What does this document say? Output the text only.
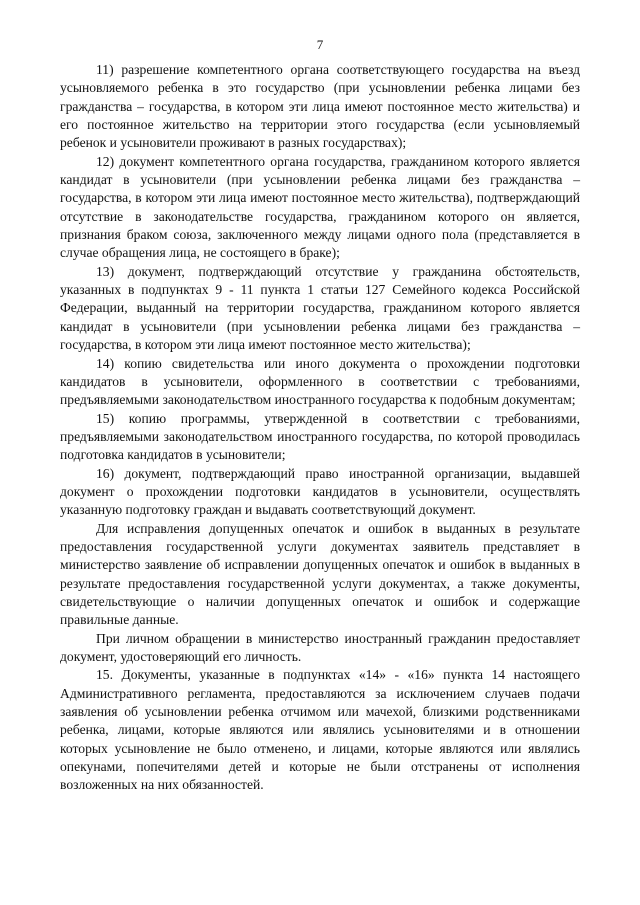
7

11) разрешение компетентного органа соответствующего государства на въезд усыновляемого ребенка в это государство (при усыновлении ребенка лицами без гражданства – государства, в котором эти лица имеют постоянное место жительства) и его постоянное жительство на территории этого государства (если усыновляемый ребенок и усыновители проживают в разных государствах);

12) документ компетентного органа государства, гражданином которого является кандидат в усыновители (при усыновлении ребенка лицами без гражданства – государства, в котором эти лица имеют постоянное место жительства), подтверждающий отсутствие в законодательстве государства, гражданином которого он является, признания браком союза, заключенного между лицами одного пола (представляется в случае обращения лица, не состоящего в браке);

13) документ, подтверждающий отсутствие у гражданина обстоятельств, указанных в подпунктах 9 - 11 пункта 1 статьи 127 Семейного кодекса Российской Федерации, выданный на территории государства, гражданином которого является кандидат в усыновители (при усыновлении ребенка лицами без гражданства – государства, в котором эти лица имеют постоянное место жительства);

14) копию свидетельства или иного документа о прохождении подготовки кандидатов в усыновители, оформленного в соответствии с требованиями, предъявляемыми законодательством иностранного государства к подобным документам;

15) копию программы, утвержденной в соответствии с требованиями, предъявляемыми законодательством иностранного государства, по которой проводилась подготовка кандидатов в усыновители;

16) документ, подтверждающий право иностранной организации, выдавшей документ о прохождении подготовки кандидатов в усыновители, осуществлять указанную подготовку граждан и выдавать соответствующий документ.

Для исправления допущенных опечаток и ошибок в выданных в результате предоставления государственной услуги документах заявитель представляет в министерство заявление об исправлении допущенных опечаток и ошибок в выданных в результате предоставления государственной услуги документах, а также документы, свидетельствующие о наличии допущенных опечаток и ошибок и содержащие правильные данные.

При личном обращении в министерство иностранный гражданин предоставляет документ, удостоверяющий его личность.

15. Документы, указанные в подпунктах «14» - «16» пункта 14 настоящего Административного регламента, предоставляются за исключением случаев подачи заявления об усыновлении ребенка отчимом или мачехой, близкими родственниками ребенка, лицами, которые являются или являлись усыновителями и в отношении которых усыновление не было отменено, и лицами, которые являются или являлись опекунами, попечителями детей и которые не были отстранены от исполнения возложенных на них обязанностей.
